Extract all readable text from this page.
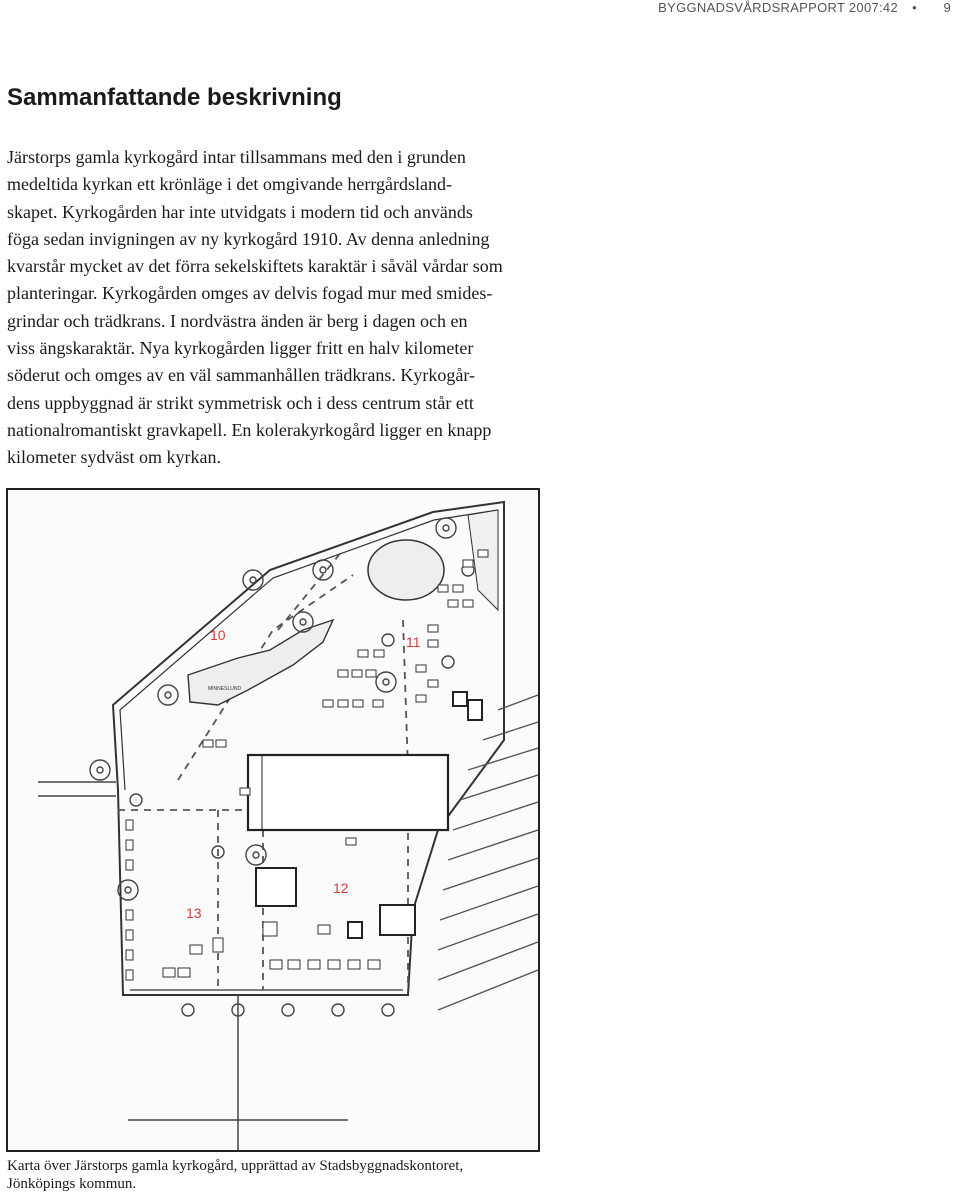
BYGGNADSVÅRDSRAPPORT 2007:42 • 9
Sammanfattande beskrivning

Järstorps gamla kyrkogård intar tillsammans med den i grunden
medeltida kyrkan ett krönläge i det omgivande herrgårdsland-
skapet. Kyrkogården har inte utvidgats i modern tid och används
föga sedan invigningen av ny kyrkogård 1910. Av denna anledning
kvarstår mycket av det förra sekelskiftets karaktär i såväl vårdar som
planteringar. Kyrkogården omges av delvis fogad mur med smides-
grindar och trädkrans. I nordvästra änden är berg i dagen och en
viss ängskaraktär. Nya kyrkogården ligger fritt en halv kilometer
söderut och omges av en väl sammanhållen trädkrans. Kyrkogår-
dens uppbyggnad är strikt symmetrisk och i dess centrum står ett
nationalromantiskt gravkapell. En kolerakyrkogård ligger en knapp
kilometer sydväst om kyrkan.

MINNESLUND
10	11
12
13
Karta över Järstorps gamla kyrkogård, upprättad av Stadsbyggnadskontoret,
Jönköpings kommun.
